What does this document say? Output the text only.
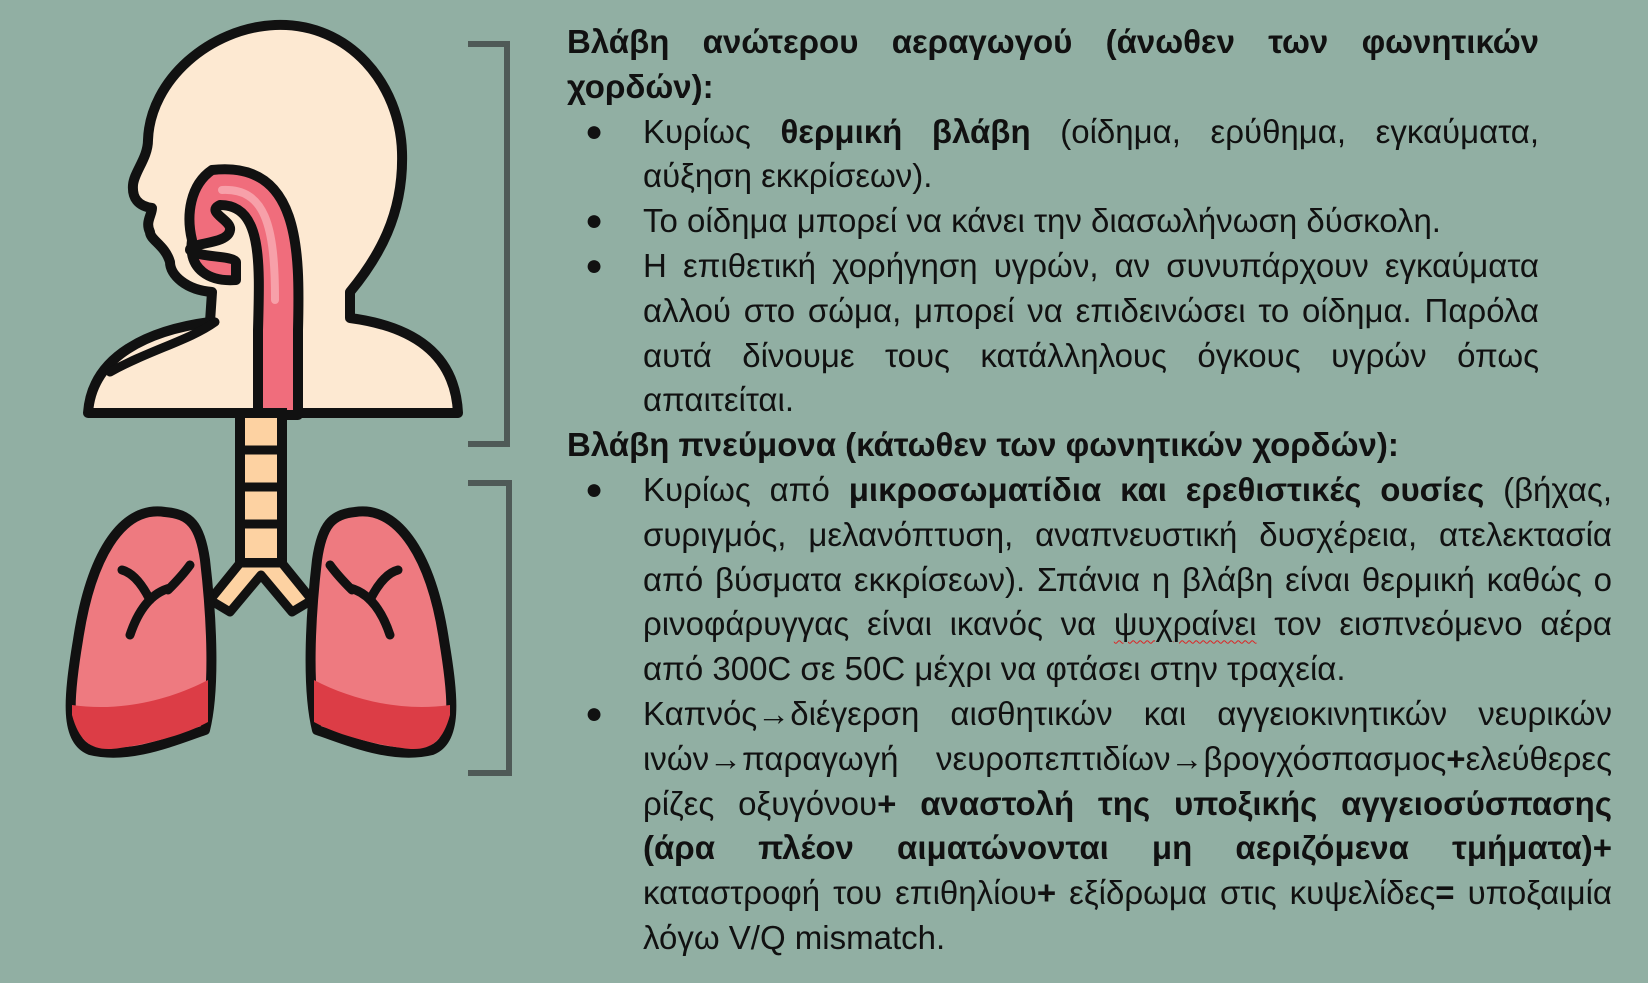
Βλάβη ανώτερου αεραγωγού (άνωθεν των φωνητικών χορδών):

● Κυρίως θερμική βλάβη (οίδημα, ερύθημα, εγκαύματα, αύξηση εκκρίσεων).
● Το οίδημα μπορεί να κάνει την διασωλήνωση δύσκολη.
● Η επιθετική χορήγηση υγρών, αν συνυπάρχουν εγκαύματα αλλού στο σώμα, μπορεί να επιδεινώσει το οίδημα. Παρόλα αυτά δίνουμε τους κατάλληλους όγκους υγρών όπως απαιτείται.

Βλάβη πνεύμονα (κάτωθεν των φωνητικών χορδών):

● Κυρίως από μικροσωματίδια και ερεθιστικές ουσίες (βήχας, συριγμός, μελανόπτυση, αναπνευστική δυσχέρεια, ατελεκτασία από βύσματα εκκρίσεων). Σπάνια η βλάβη είναι θερμική καθώς ο ρινοφάρυγγας είναι ικανός να ψυχραίνει τον εισπνεόμενο αέρα από 300C σε 50C μέχρι να φτάσει στην τραχεία.
● Καπνός→διέγερση αισθητικών και αγγειοκινητικών νευρικών ινών→παραγωγή νευροπεπτιδίων→βρογχόσπασμος+ελεύθερες ρίζες οξυγόνου+ αναστολή της υποξικής αγγειοσύσπασης (άρα πλέον αιματώνονται μη αεριζόμενα τμήματα)+ καταστροφή του επιθηλίου+ εξίδρωμα στις κυψελίδες= υποξαιμία λόγω V/Q mismatch.
